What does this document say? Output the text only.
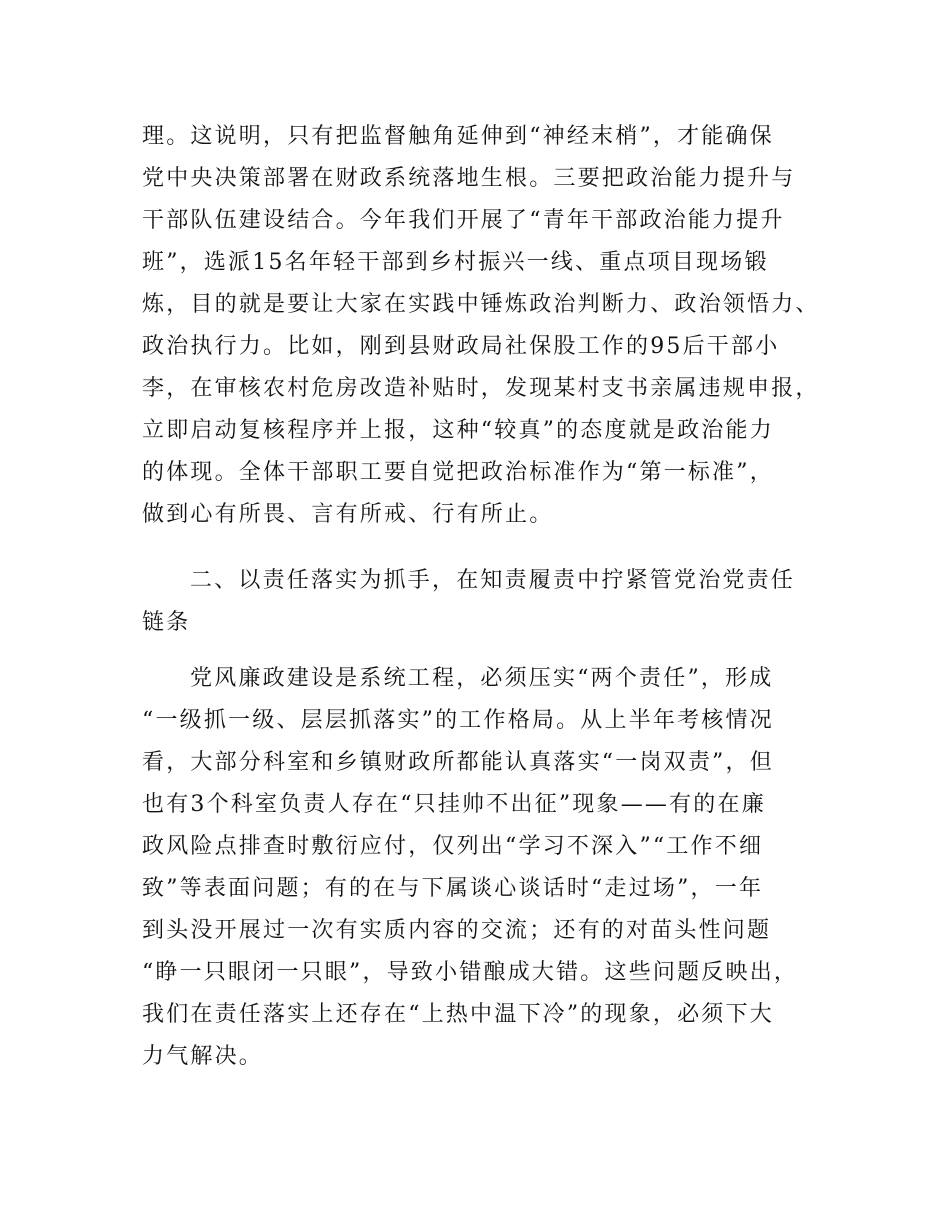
理。这说明，只有把监督触角延伸到“神经末梢”，才能确保
党中央决策部署在财政系统落地生根。三要把政治能力提升与
干部队伍建设结合。今年我们开展了“青年干部政治能力提升
班”，选派15名年轻干部到乡村振兴一线、重点项目现场锻
炼，目的就是要让大家在实践中锤炼政治判断力、政治领悟力、
政治执行力。比如，刚到县财政局社保股工作的95后干部小
李，在审核农村危房改造补贴时，发现某村支书亲属违规申报，
立即启动复核程序并上报，这种“较真”的态度就是政治能力
的体现。全体干部职工要自觉把政治标准作为“第一标准”，
做到心有所畏、言有所戒、行有所止。
二、以责任落实为抓手，在知责履责中拧紧管党治党责任
链条
党风廉政建设是系统工程，必须压实“两个责任”，形成
“一级抓一级、层层抓落实”的工作格局。从上半年考核情况
看，大部分科室和乡镇财政所都能认真落实“一岗双责”，但
也有3个科室负责人存在“只挂帅不出征”现象——有的在廉
政风险点排查时敷衍应付，仅列出“学习不深入”“工作不细
致”等表面问题；有的在与下属谈心谈话时“走过场”，一年
到头没开展过一次有实质内容的交流；还有的对苗头性问题
“睁一只眼闭一只眼”，导致小错酿成大错。这些问题反映出，
我们在责任落实上还存在“上热中温下冷”的现象，必须下大
力气解决。
